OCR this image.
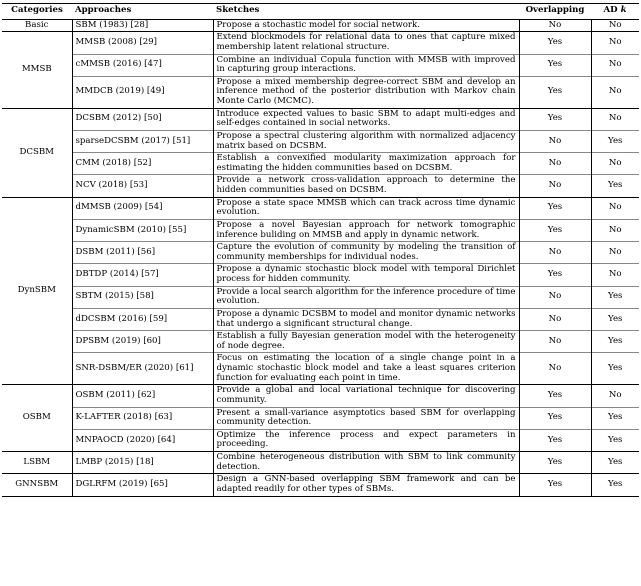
Categories	Approaches	Sketches	Overlapping	AD k
Basic	SBM (1983) [28]	Propose a stochastic model for social network.	No	No
MMSB	MMSB (2008) [29]	Extend blockmodels for relational data to ones that capture mixed membership latent relational structure.	Yes	No
	cMMSB (2016) [47]	Combine an individual Copula function with MMSB with improved in capturing group interactions.	Yes	No
	MMDCB (2019) [49]	Propose a mixed membership degree-correct SBM and develop an inference method of the posterior distribution with Markov chain Monte Carlo (MCMC).	Yes	No
DCSBM	DCSBM (2012) [50]	Introduce expected values to basic SBM to adapt multi-edges and self-edges contained in social networks.	Yes	No
	sparseDCSBM (2017) [51]	Propose a spectral clustering algorithm with normalized adjacency matrix based on DCSBM.	No	Yes
	CMM (2018) [52]	Establish a convexified modularity maximization approach for estimating the hidden communities based on DCSBM.	No	No
	NCV (2018) [53]	Provide a network cross-validation approach to determine the hidden communities based on DCSBM.	No	Yes
DynSBM	dMMSB (2009) [54]	Propose a state space MMSB which can track across time dynamic evolution.	Yes	No
	DynamicSBM (2010) [55]	Propose a novel Bayesian approach for network tomographic inference buliding on MMSB and apply in dynamic network.	Yes	No
	DSBM (2011) [56]	Capture the evolution of community by modeling the transition of community memberships for individual nodes.	No	No
	DBTDP (2014) [57]	Propose a dynamic stochastic block model with temporal Dirichlet process for hidden community.	Yes	No
	SBTM (2015) [58]	Provide a local search algorithm for the inference procedure of time evolution.	No	Yes
	dDCSBM (2016) [59]	Propose a dynamic DCSBM to model and monitor dynamic networks that undergo a significant structural change.	No	Yes
	DPSBM (2019) [60]	Establish a fully Bayesian generation model with the heterogeneity of node degree.	No	Yes
	SNR-DSBM/ER (2020) [61]	Focus on estimating the location of a single change point in a dynamic stochastic block model and take a least squares criterion function for evaluating each point in time.	No	Yes
OSBM	OSBM (2011) [62]	Provide a global and local variational technique for discovering community.	Yes	No
	K-LAFTER (2018) [63]	Present a small-variance asymptotics based SBM for overlapping community detection.	Yes	Yes
	MNPAOCD (2020) [64]	Optimize the inference process and expect parameters in proceeding.	Yes	Yes
LSBM	LMBP (2015) [18]	Combine heterogeneous distribution with SBM to link community detection.	Yes	Yes
GNNSBM	DGLRFM (2019) [65]	Design a GNN-based overlapping SBM framework and can be adapted readily for other types of SBMs.	Yes	Yes
